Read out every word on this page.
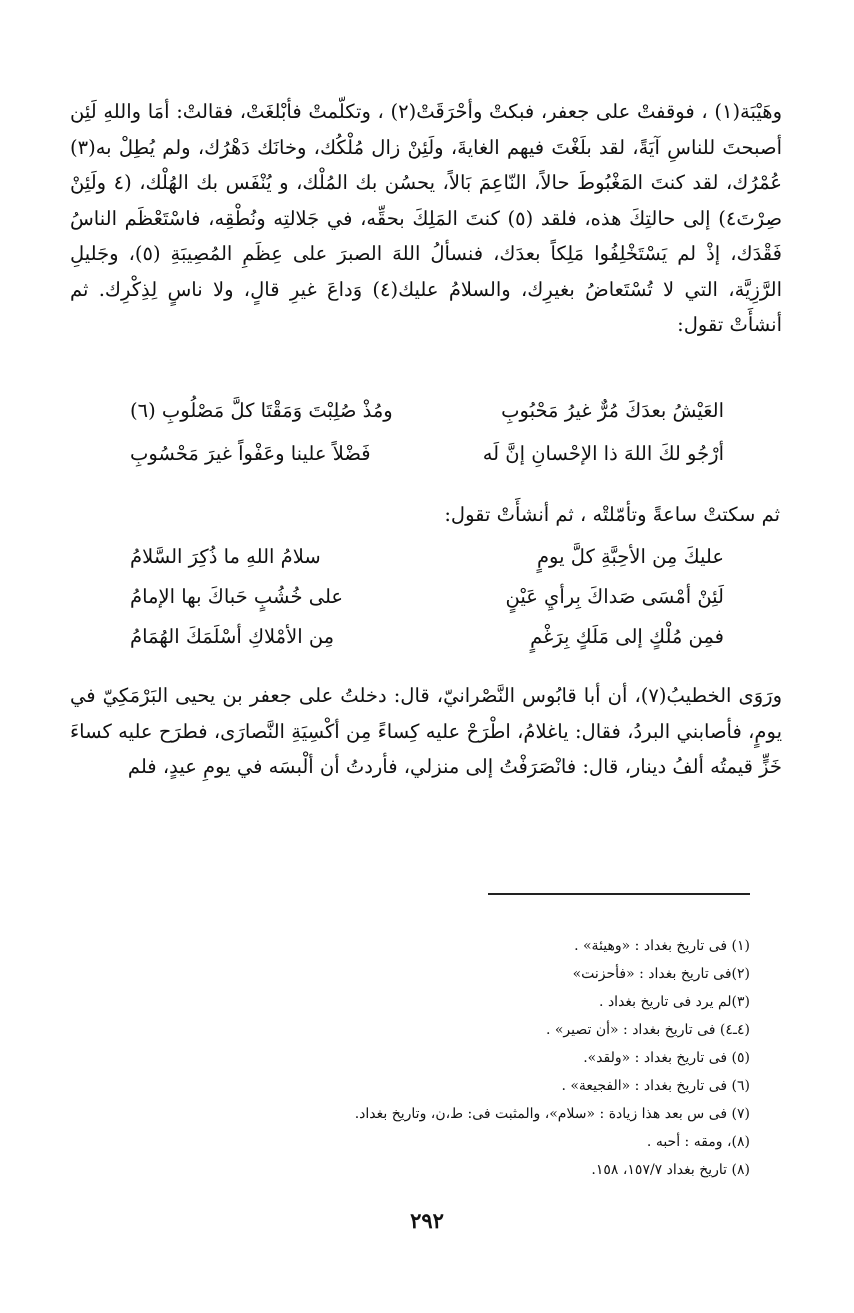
وهَيْبَة(١) ، فوقفتْ على جعفر، فبكتْ وأحْرَقَتْ(٢) ، وتكلّمتْ فأبْلغَتْ، فقالتْ: أمَا واللهِ لَئِن أصبحتَ للناسِ آيَةً، لقد بلَغْتَ فيهم الغايةَ، ولَئِنْ زال مُلْكُك، وخانَك دَهْرُك، ولم يُطِلْ به(٣) عُمْرُك، لقد كنتَ المَغْبُوطَ حالاً، النّاعِمَ بَالاً، يحسُن بك المُلْك، و يُنْفَس بك الهُلْك، (٤ ولَئِنْ صِرْتَ٤) إلى حالتِكَ هذه، فلقد (٥) كنتَ المَلِكَ بحقِّه، في جَلالتِه ونُطْقِه، فاسْتَعْظَم الناسُ فَقْدَك، إذْ لم يَسْتَخْلِفُوا مَلِكاً بعدَك، فنسألُ اللهَ الصبرَ على عِظَمِ المُصِيبَةِ (٥)، وجَليلِ الرَّزِيَّة، التي لا تُسْتَعاضُ بغيرِك، والسلامُ عليك(٤) وَداعَ غيرِ قالٍ، ولا ناسٍ لِذِكْرِك. ثم أنشأَتْ تقول:

العَيْشُ بعدَكَ مُرٌّ غيرُ مَحْبُوبِ
ومُذْ صُلِبْتَ وَمَقْتَا كلَّ مَصْلُوبِ (٦)
أرْجُو لكَ اللهَ ذا الإحْسانِ إنَّ لَه
فَضْلاً علينا وعَفْواً غيرَ مَحْسُوبِ
ثم سكتتْ ساعةً وتأمّلتْه ، ثم أنشأَتْ تقول:
عليكَ مِن الأحِبَّةِ كلَّ يومٍ
سلامُ اللهِ ما ذُكِرَ السَّلامُ
لَئِنْ أمْسَى صَداكَ بِرأيِ عَيْنٍ
على خُشُبٍ حَباكَ بها الإمامُ
فمِن مُلْكٍ إلى مَلَكٍ بِرَغْمٍ
مِن الأمْلاكِ أسْلَمَكَ الهُمَامُ

ورَوَى الخطيبُ(٧)، أن أبا قابُوس النَّصْرانيّ، قال: دخلتُ على جعفر بن يحيى البَرْمَكِيّ في يومٍ، فأصابني البردُ، فقال: ياغلامُ، اطْرَحْ عليه كِساءً مِن أكْسِيَةِ النَّصارَى، فطرَح عليه كساءَ خَزٍّ قيمتُه ألفُ دينار، قال: فانْصَرَفْتُ إلى منزلي، فأردتُ أن ألْبسَه في يومِ عيدٍ، فلم

(١) فى تاريخ بغداد : «وهيئة» .
(٢)فى تاريخ بغداد : «فأحزنت»
(٣)لم يرد فى تاريخ بغداد .
(٤ـ٤) فى تاريخ بغداد : «أن تصير» .
(٥) فى تاريخ بغداد : «ولقد».
(٦) فى تاريخ بغداد : «الفجيعة» .
(٧) فى س بعد هذا زيادة : «سلام»، والمثبت فى: ط،ن، وتاريخ بغداد.
(٨)، ومقه : أحبه .
(٨) تاريخ بغداد ١٥٧/٧، ١٥٨.
٢٩٢
